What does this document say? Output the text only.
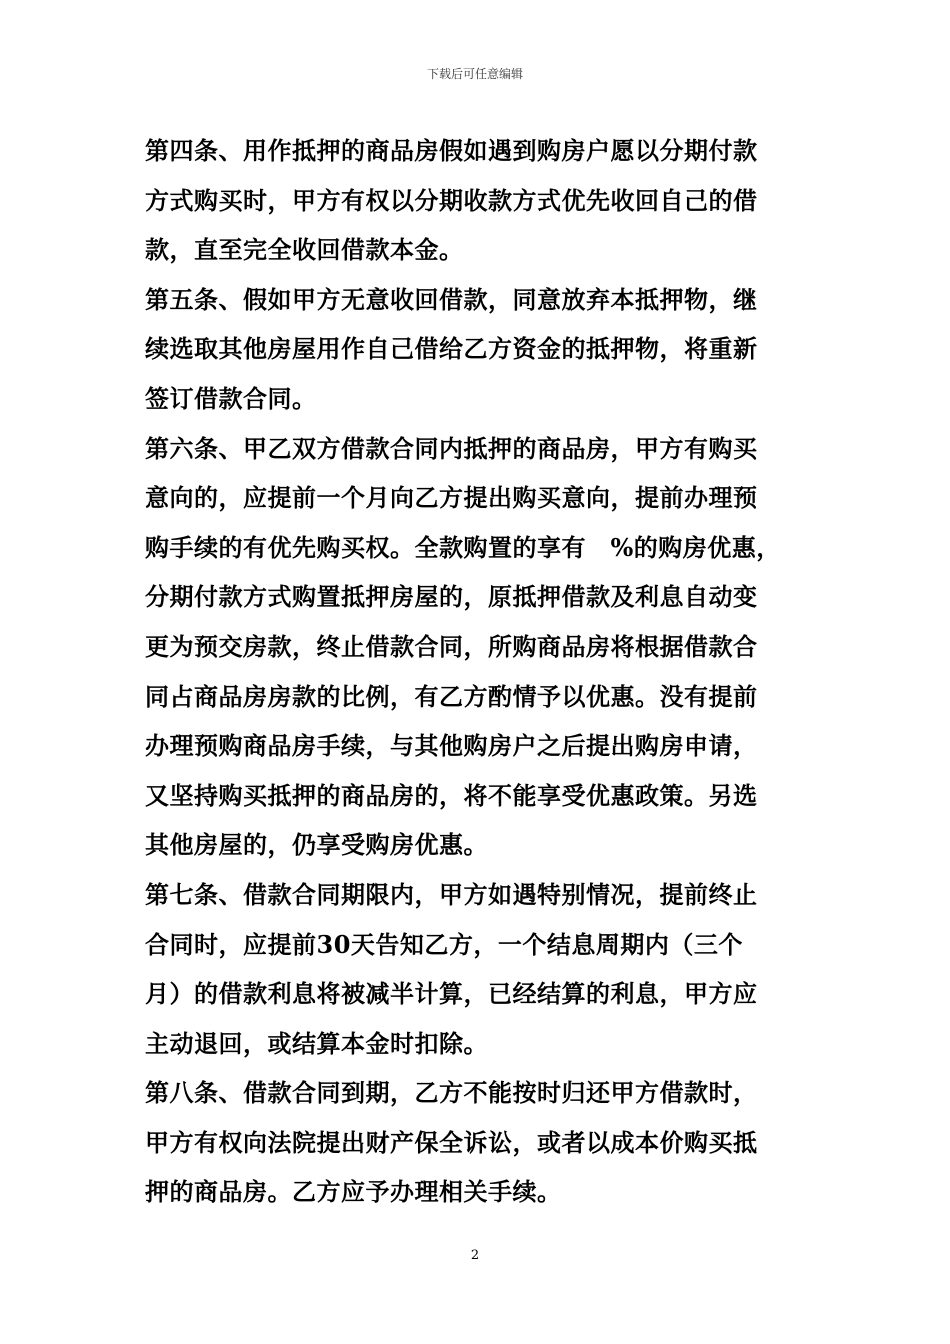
下载后可任意编辑
第四条、用作抵押的商品房假如遇到购房户愿以分期付款
方式购买时，甲方有权以分期收款方式优先收回自己的借
款，直至完全收回借款本金。
第五条、假如甲方无意收回借款，同意放弃本抵押物，继
续选取其他房屋用作自己借给乙方资金的抵押物，将重新
签订借款合同。
第六条、甲乙双方借款合同内抵押的商品房，甲方有购买
意向的，应提前一个月向乙方提出购买意向，提前办理预
购手续的有优先购买权。全款购置的享有　%的购房优惠，
分期付款方式购置抵押房屋的，原抵押借款及利息自动变
更为预交房款，终止借款合同，所购商品房将根据借款合
同占商品房房款的比例，有乙方酌情予以优惠。没有提前
办理预购商品房手续，与其他购房户之后提出购房申请，
又坚持购买抵押的商品房的，将不能享受优惠政策。另选
其他房屋的，仍享受购房优惠。
第七条、借款合同期限内，甲方如遇特别情况，提前终止
合同时，应提前30天告知乙方，一个结息周期内（三个
月）的借款利息将被减半计算，已经结算的利息，甲方应
主动退回，或结算本金时扣除。
第八条、借款合同到期，乙方不能按时归还甲方借款时，
甲方有权向法院提出财产保全诉讼，或者以成本价购买抵
押的商品房。乙方应予办理相关手续。
2
